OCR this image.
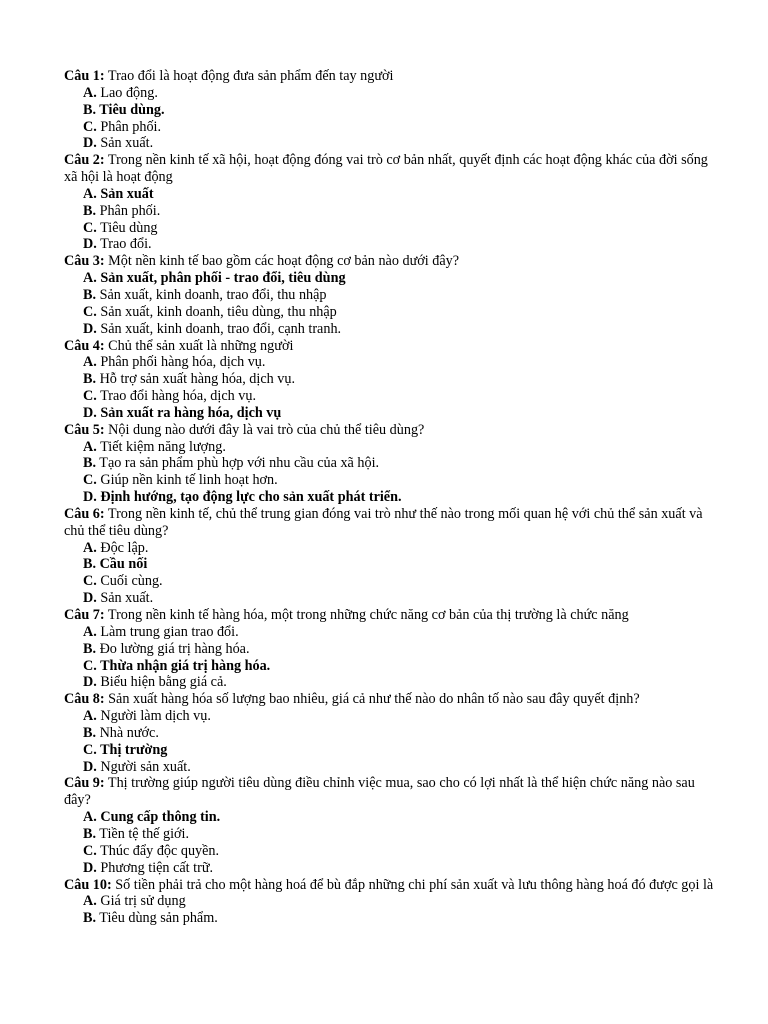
Câu 1: Trao đổi là hoạt động đưa sản phẩm đến tay người

A. Lao động.

B. Tiêu dùng.

C. Phân phối.

D. Sản xuất.

Câu 2: Trong nền kinh tế xã hội, hoạt động đóng vai trò cơ bản nhất, quyết định các hoạt động khác của đời sống xã hội là hoạt động

A. Sản xuất

B. Phân phối.

C. Tiêu dùng

D. Trao đổi.

Câu 3: Một nền kinh tế bao gồm các hoạt động cơ bản nào dưới đây?

A. Sản xuất, phân phối - trao đổi, tiêu dùng

B. Sản xuất, kinh doanh, trao đổi, thu nhập

C. Sản xuất, kinh doanh, tiêu dùng, thu nhập

D. Sản xuất, kinh doanh, trao đổi, cạnh tranh.

Câu 4: Chủ thể sản xuất là những người

A. Phân phối hàng hóa, dịch vụ.

B. Hỗ trợ sản xuất hàng hóa, dịch vụ.

C. Trao đổi hàng hóa, dịch vụ.

D. Sản xuất ra hàng hóa, dịch vụ

Câu 5: Nội dung nào dưới đây là vai trò của chủ thể tiêu dùng?

A. Tiết kiệm năng lượng.

B. Tạo ra sản phẩm phù hợp với nhu cầu của xã hội.

C. Giúp nền kinh tế linh hoạt hơn.

D. Định hướng, tạo động lực cho sản xuất phát triển.

Câu 6: Trong nền kinh tế, chủ thể trung gian đóng vai trò như thế nào trong mối quan hệ với chủ thể sản xuất và chủ thể tiêu dùng?

A. Độc lập.

B. Cầu nối

C. Cuối cùng.

D. Sản xuất.

Câu 7: Trong nền kinh tế hàng hóa, một trong những chức năng cơ bản của thị trường là chức năng

A. Làm trung gian trao đổi.

B. Đo lường giá trị hàng hóa.

C. Thừa nhận giá trị hàng hóa.

D. Biểu hiện bằng giá cả.

Câu 8: Sản xuất hàng hóa số lượng bao nhiêu, giá cả như thế nào do nhân tố nào sau đây quyết định?

A. Người làm dịch vụ.

B. Nhà nước.

C. Thị trường

D. Người sản xuất.

Câu 9: Thị trường giúp người tiêu dùng điều chỉnh việc mua, sao cho có lợi nhất là thể hiện chức năng nào sau đây?

A. Cung cấp thông tin.

B. Tiền tệ thế giới.

C. Thúc đẩy độc quyền.

D. Phương tiện cất trữ.

Câu 10: Số tiền phải trả cho một hàng hoá để bù đắp những chi phí sản xuất và lưu thông hàng hoá đó được gọi là

A. Giá trị sử dụng

B. Tiêu dùng sản phẩm.
